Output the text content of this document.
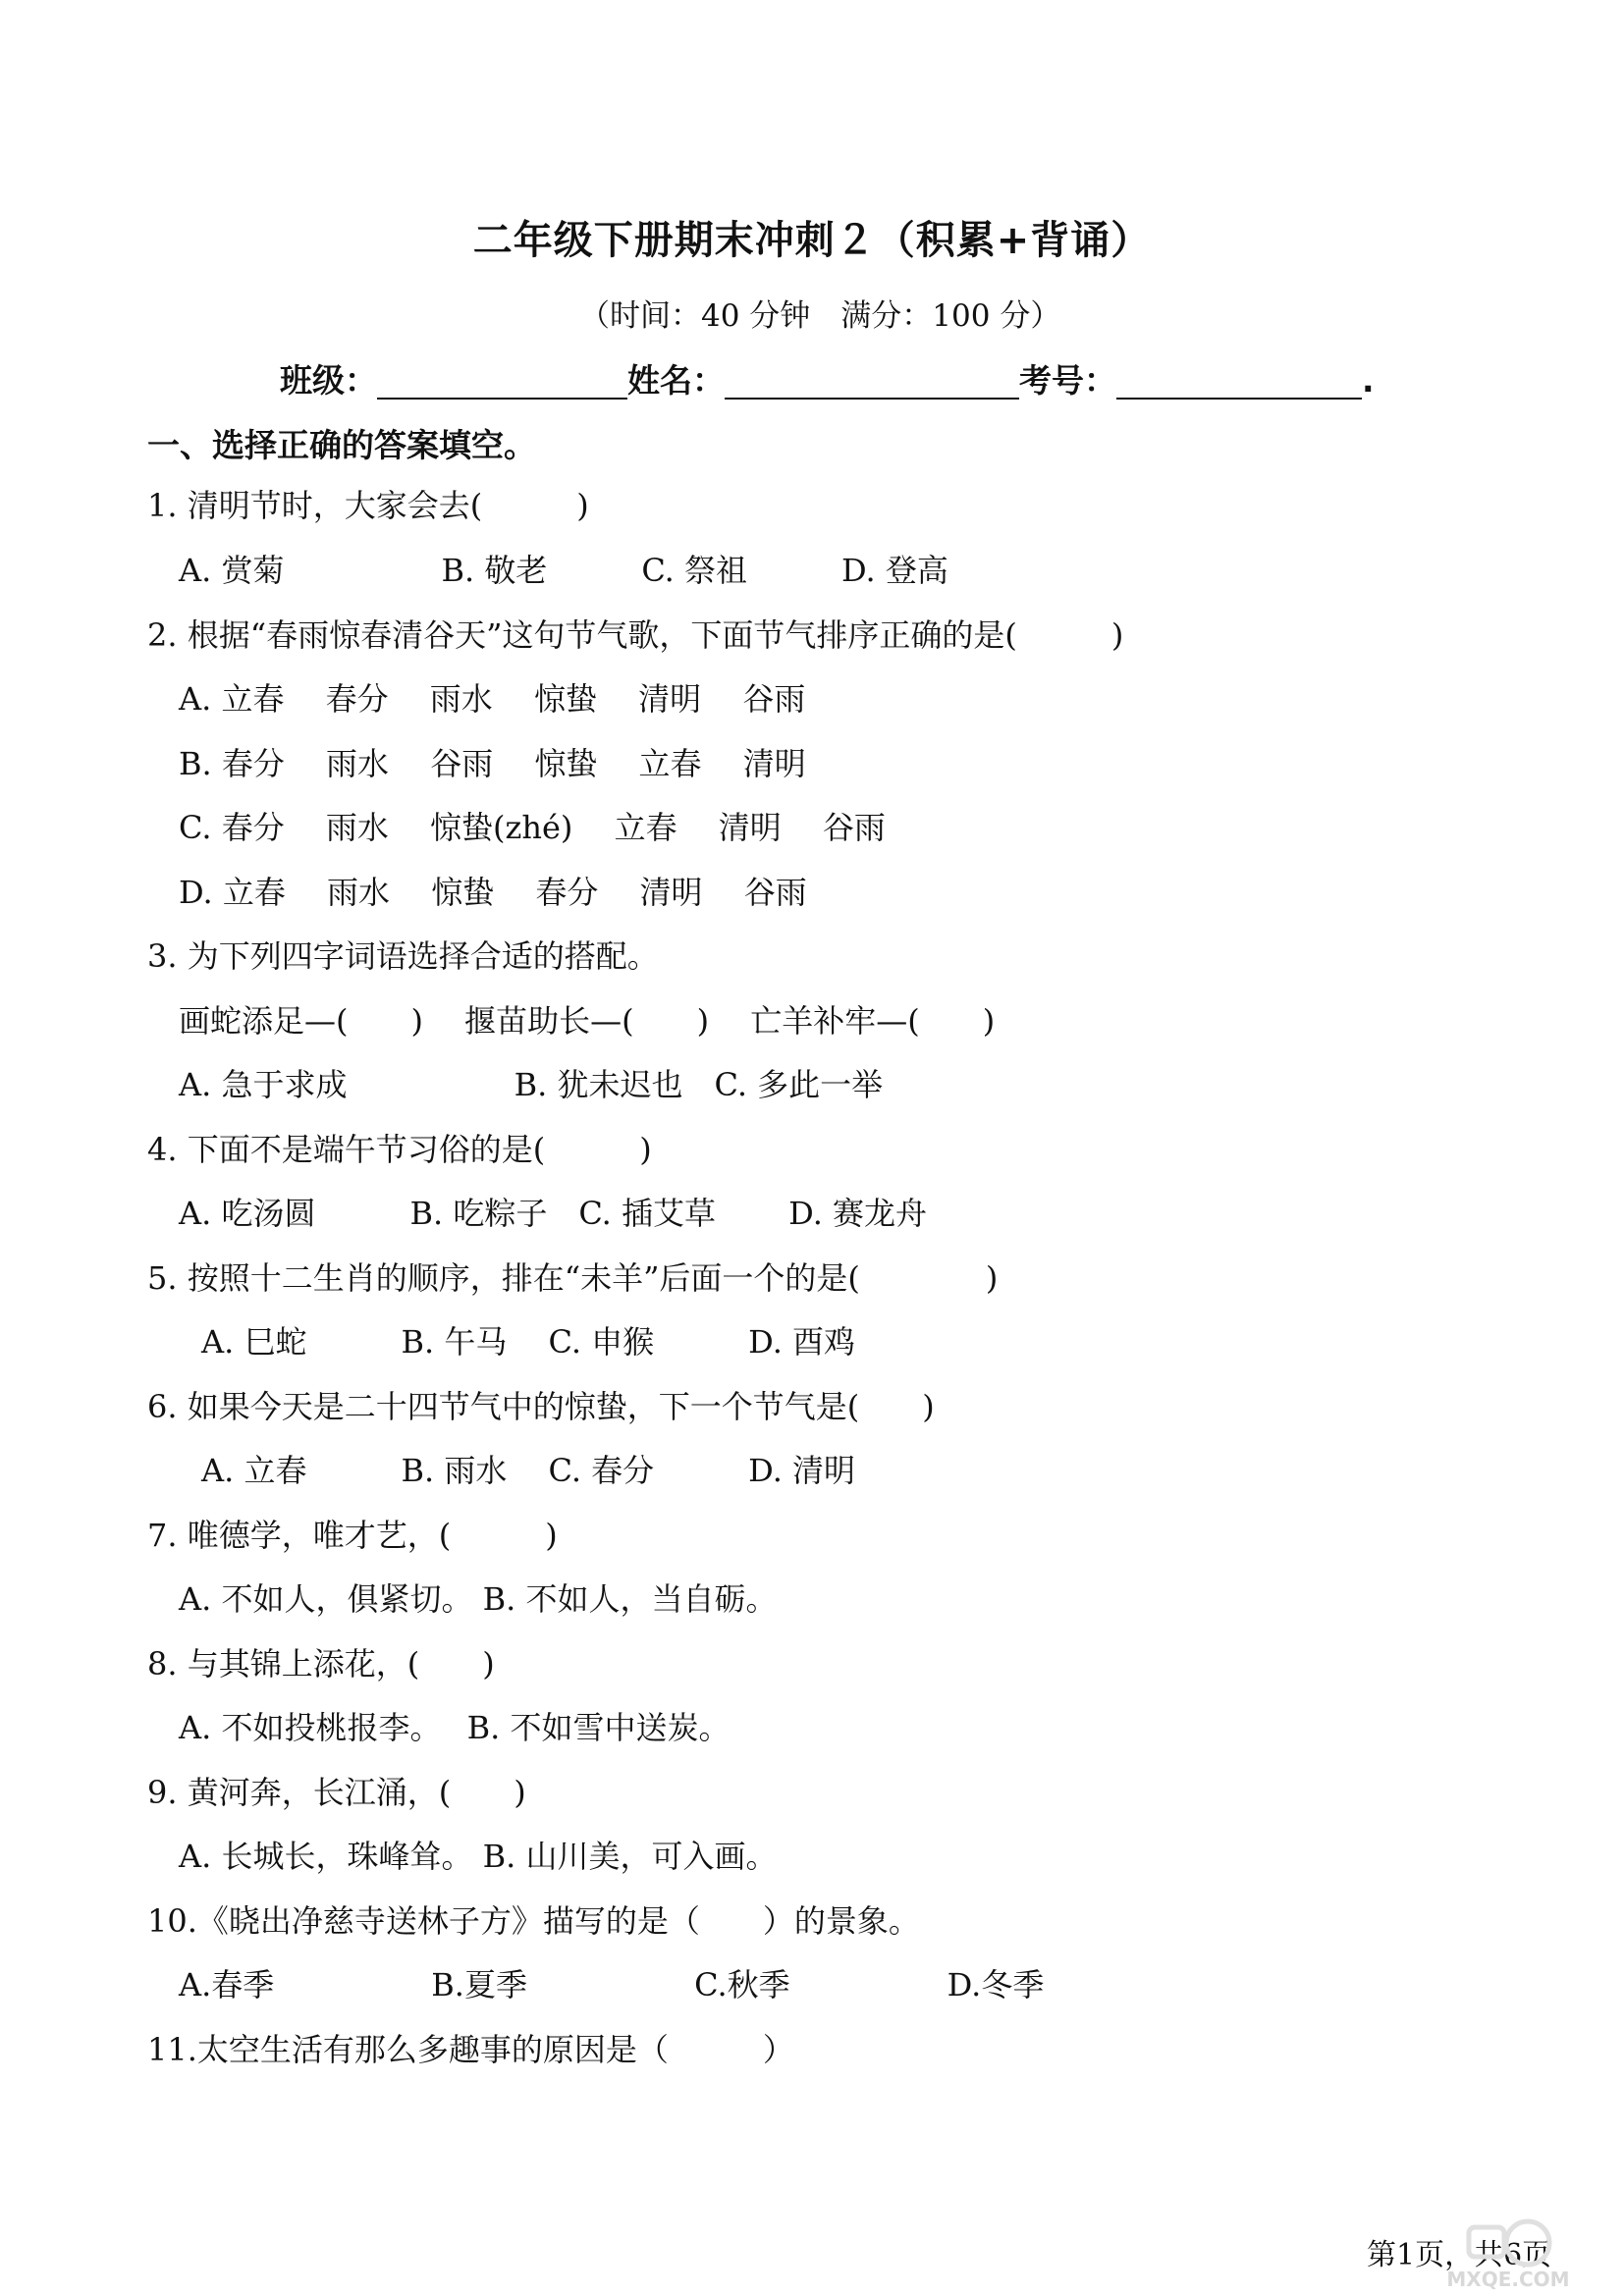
二年级下册期末冲刺２（积累+背诵）
（时间：40 分钟　满分：100 分）
班级：	姓名：	考号：	.
一、选择正确的答案填空。
1. 清明节时，大家会去(　　　)
A. 赏菊　　　　　B. 敬老　　　C. 祭祖　　　D. 登高
2. 根据“春雨惊春清谷天”这句节气歌，下面节气排序正确的是(　　　)
A. 立春　 春分　 雨水　 惊蛰　 清明　 谷雨
B. 春分　 雨水　 谷雨　 惊蛰　 立春　 清明
C. 春分　 雨水　 惊蛰(zhé)　 立春　 清明　 谷雨
D. 立春　 雨水　 惊蛰　 春分　 清明　 谷雨
3. 为下列四字词语选择合适的搭配。
画蛇添足—(　　)　 揠苗助长—(　　)　 亡羊补牢—(　　)
A. 急于求成　　　　　 B. 犹未迟也　C. 多此一举
4. 下面不是端午节习俗的是(　　　)
A. 吃汤圆　　　B. 吃粽子　C. 插艾草　　 D. 赛龙舟
5. 按照十二生肖的顺序，排在“未羊”后面一个的是(　　　　)
A. 巳蛇　　　B. 午马　 C. 申猴　　　D. 酉鸡
6. 如果今天是二十四节气中的惊蛰，下一个节气是(　　)
A. 立春　　　B. 雨水　 C. 春分　　　D. 清明
7. 唯德学，唯才艺，(　　　)
A. 不如人，俱紧切。 B. 不如人，当自砺。
8. 与其锦上添花，(　　)
A. 不如投桃报李。　 B. 不如雪中送炭。
9. 黄河奔，长江涌，(　　)
A. 长城长，珠峰耸。 B. 山川美，可入画。
10.《晓出净慈寺送林子方》描写的是（　　）的景象。
A.春季　　　　　B.夏季　　　　　 C.秋季　　　　　D.冬季
11.太空生活有那么多趣事的原因是（　　　）
第1页，共6页
MXQE.COM
